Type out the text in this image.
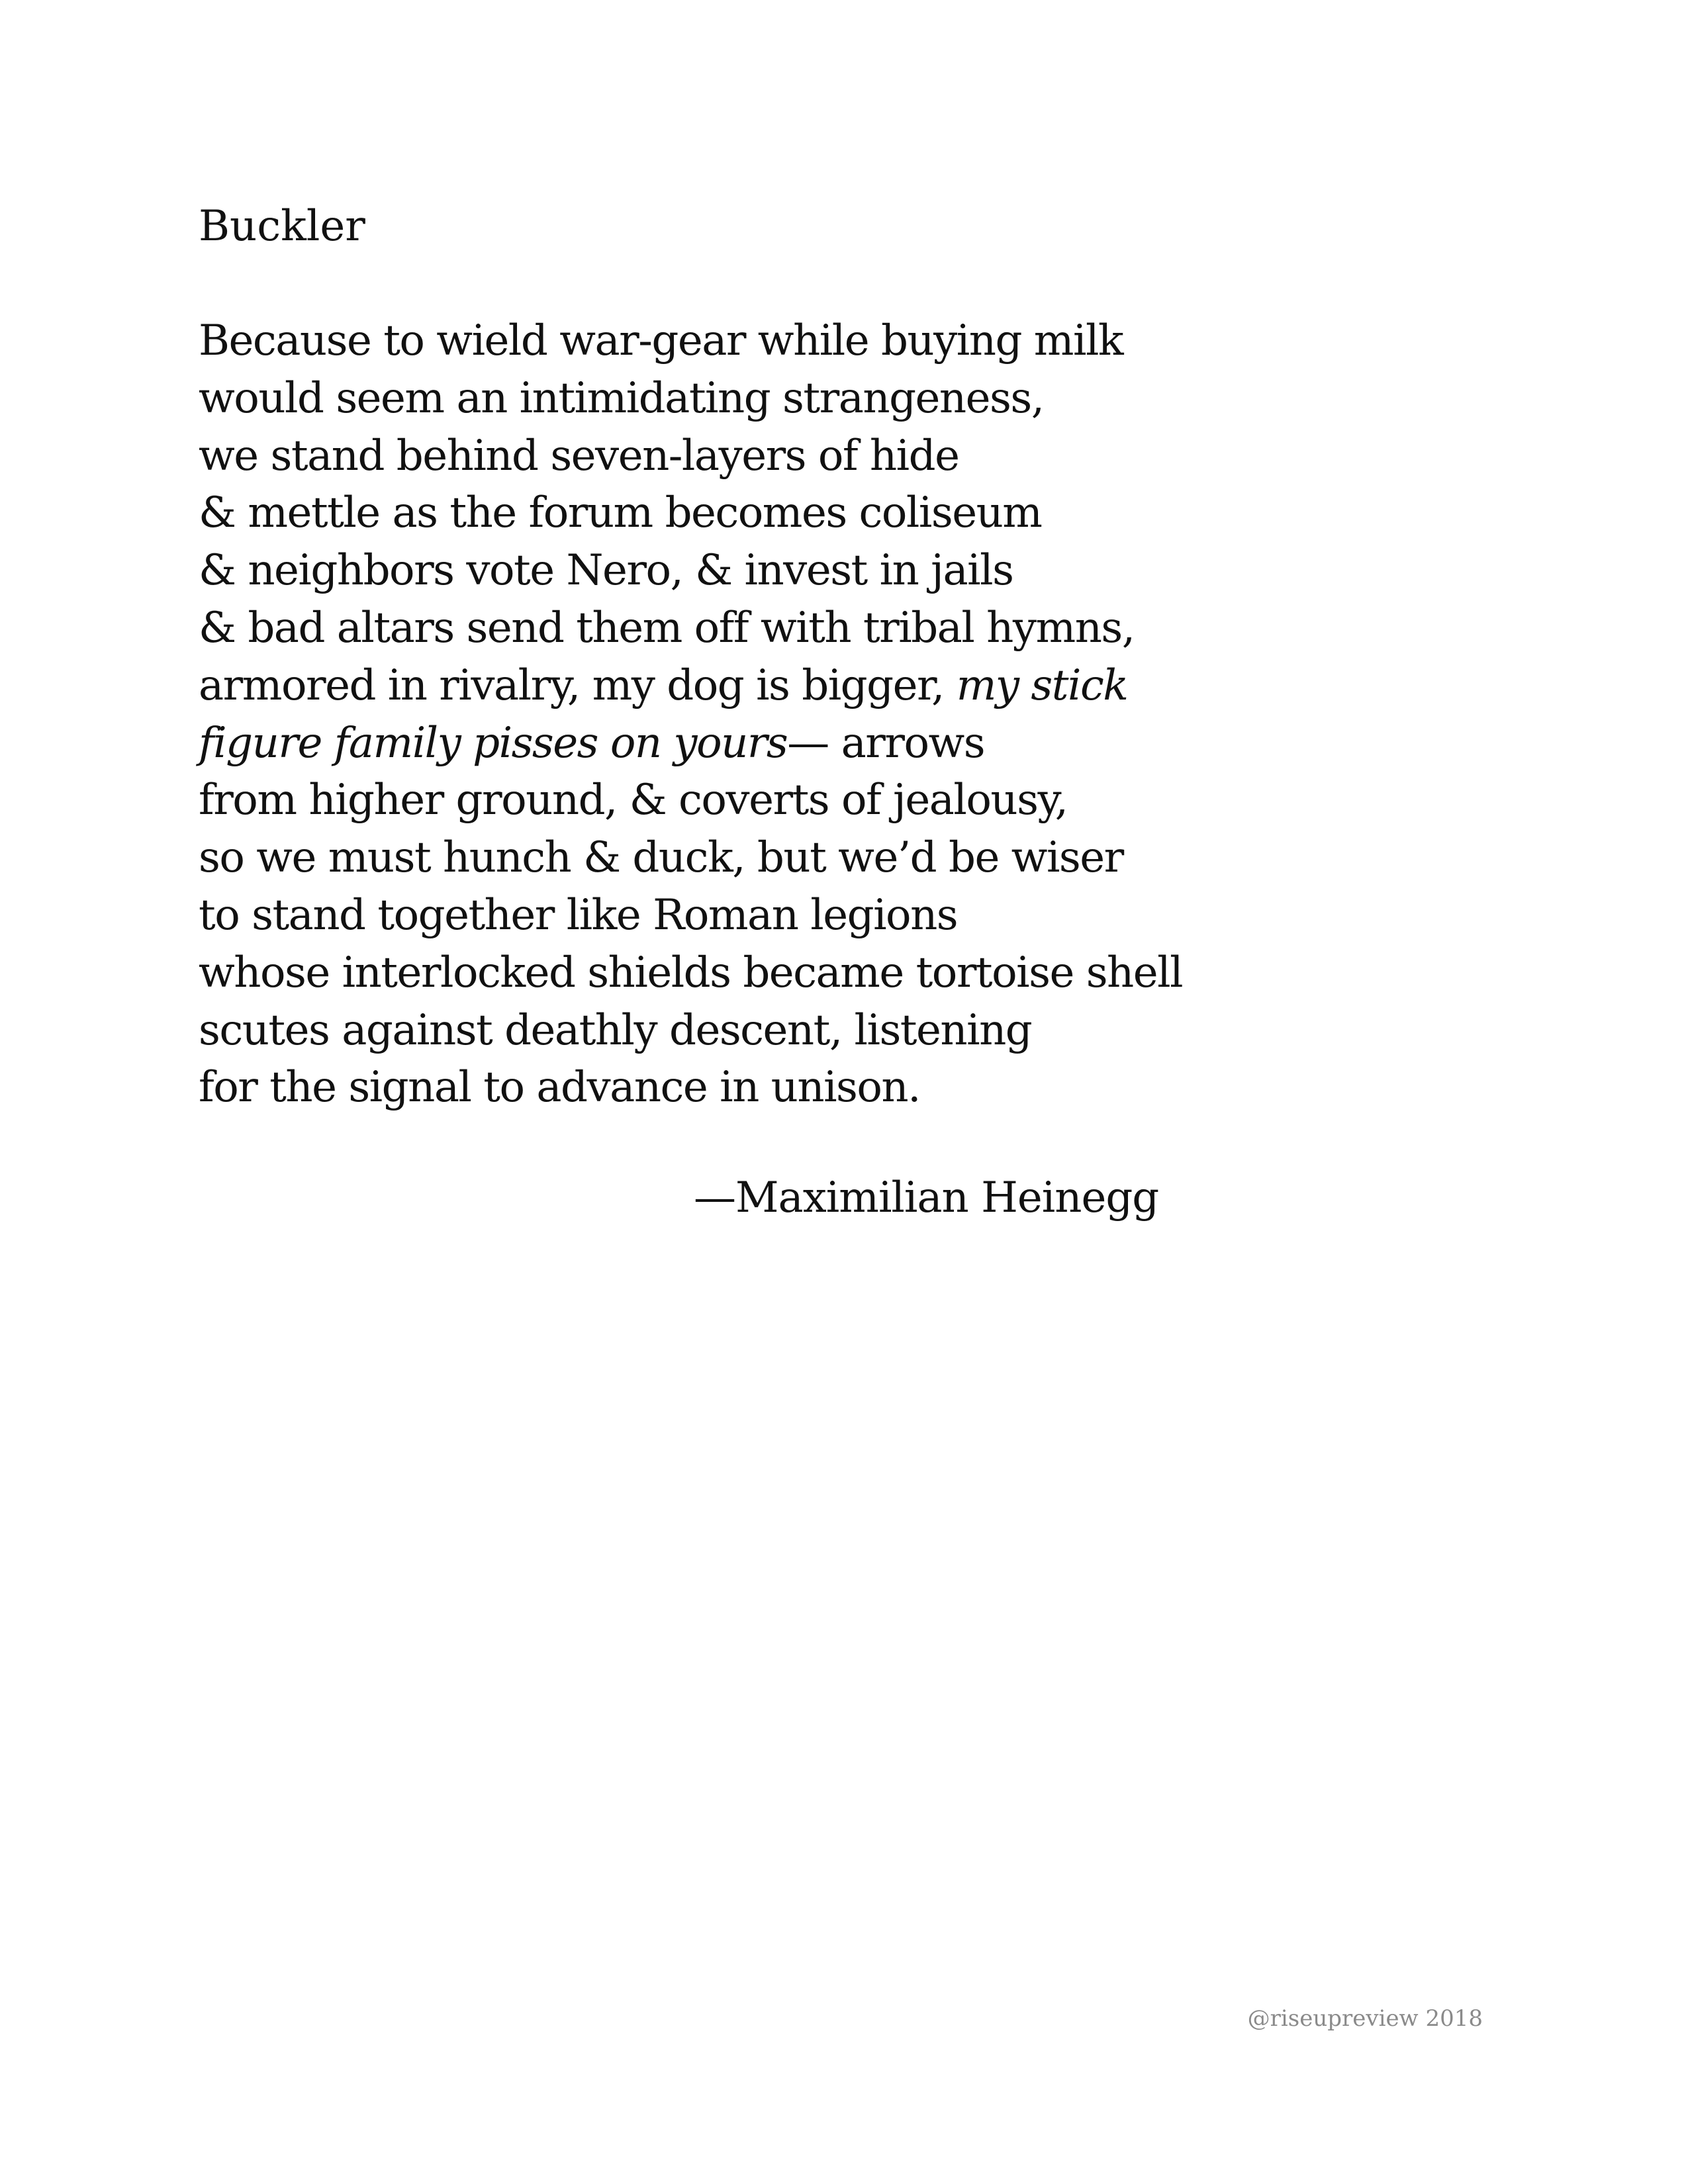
Buckler
Because to wield war-gear while buying milk
would seem an intimidating strangeness,
we stand behind seven-layers of hide
& mettle as the forum becomes coliseum
& neighbors vote Nero, & invest in jails
& bad altars send them off with tribal hymns,
armored in rivalry, my dog is bigger, my stick
figure family pisses on yours— arrows
from higher ground, & coverts of jealousy,
so we must hunch & duck, but we’d be wiser
to stand together like Roman legions
whose interlocked shields became tortoise shell
scutes against deathly descent, listening
for the signal to advance in unison.
—Maximilian Heinegg
@riseupreview 2018
